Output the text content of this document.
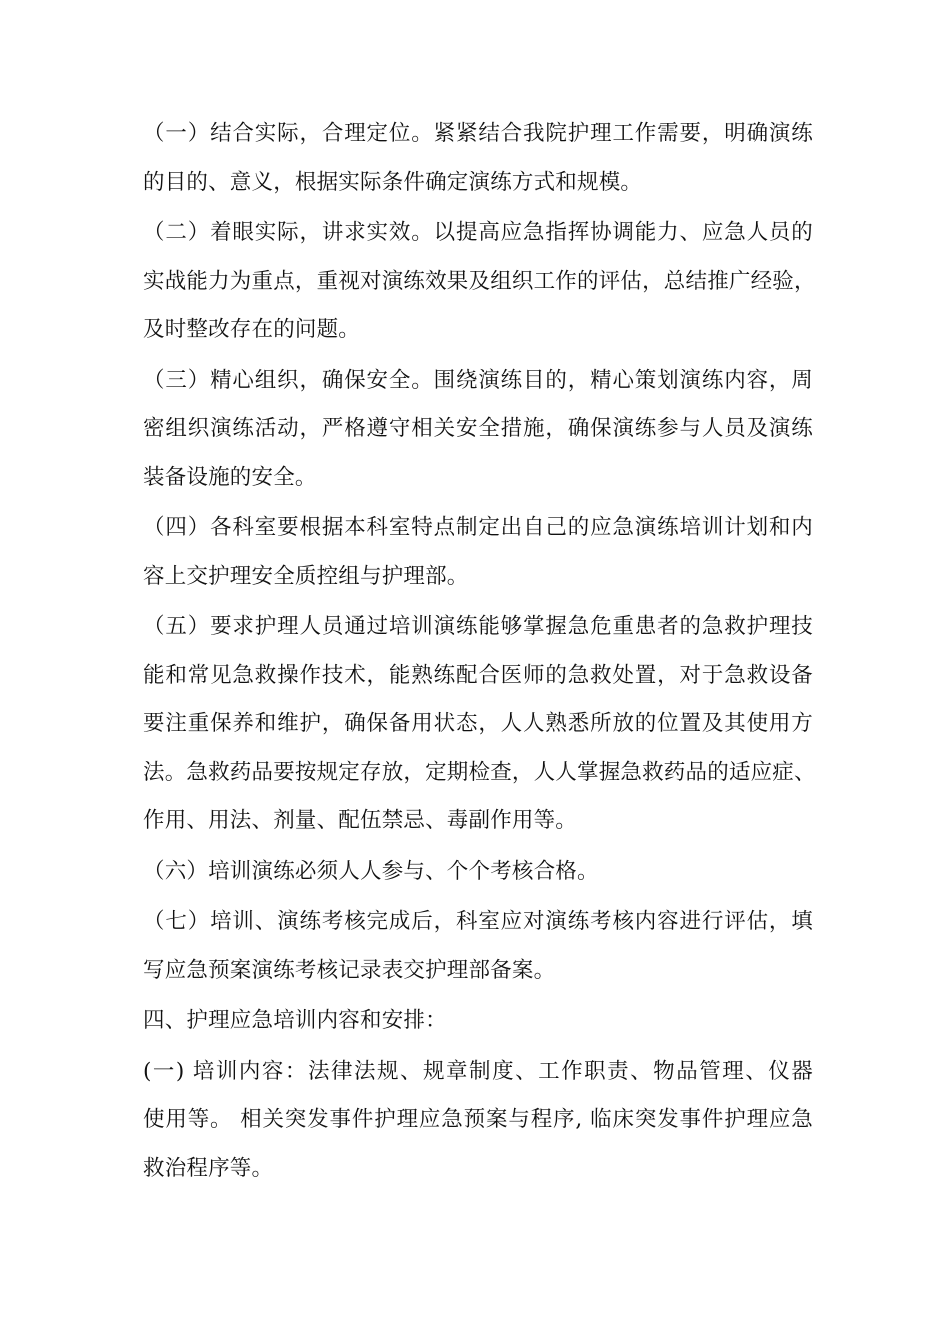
（一）结合实际，合理定位。紧紧结合我院护理工作需要，明确演练
的目的、意义，根据实际条件确定演练方式和规模。
（二）着眼实际，讲求实效。以提高应急指挥协调能力、应急人员的
实战能力为重点，重视对演练效果及组织工作的评估，总结推广经验，
及时整改存在的问题。
（三）精心组织，确保安全。围绕演练目的，精心策划演练内容，周
密组织演练活动，严格遵守相关安全措施，确保演练参与人员及演练
装备设施的安全。
（四）各科室要根据本科室特点制定出自己的应急演练培训计划和内
容上交护理安全质控组与护理部。
（五）要求护理人员通过培训演练能够掌握急危重患者的急救护理技
能和常见急救操作技术，能熟练配合医师的急救处置，对于急救设备
要注重保养和维护，确保备用状态，人人熟悉所放的位置及其使用方
法。急救药品要按规定存放，定期检查，人人掌握急救药品的适应症、
作用、用法、剂量、配伍禁忌、毒副作用等。
（六）培训演练必须人人参与、个个考核合格。
（七）培训、演练考核完成后，科室应对演练考核内容进行评估，填
写应急预案演练考核记录表交护理部备案。
四、护理应急培训内容和安排：
(一) 培训内容：法律法规、规章制度、工作职责、物品管理、仪器
使用等。 相关突发事件护理应急预案与程序, 临床突发事件护理应急
救治程序等。
